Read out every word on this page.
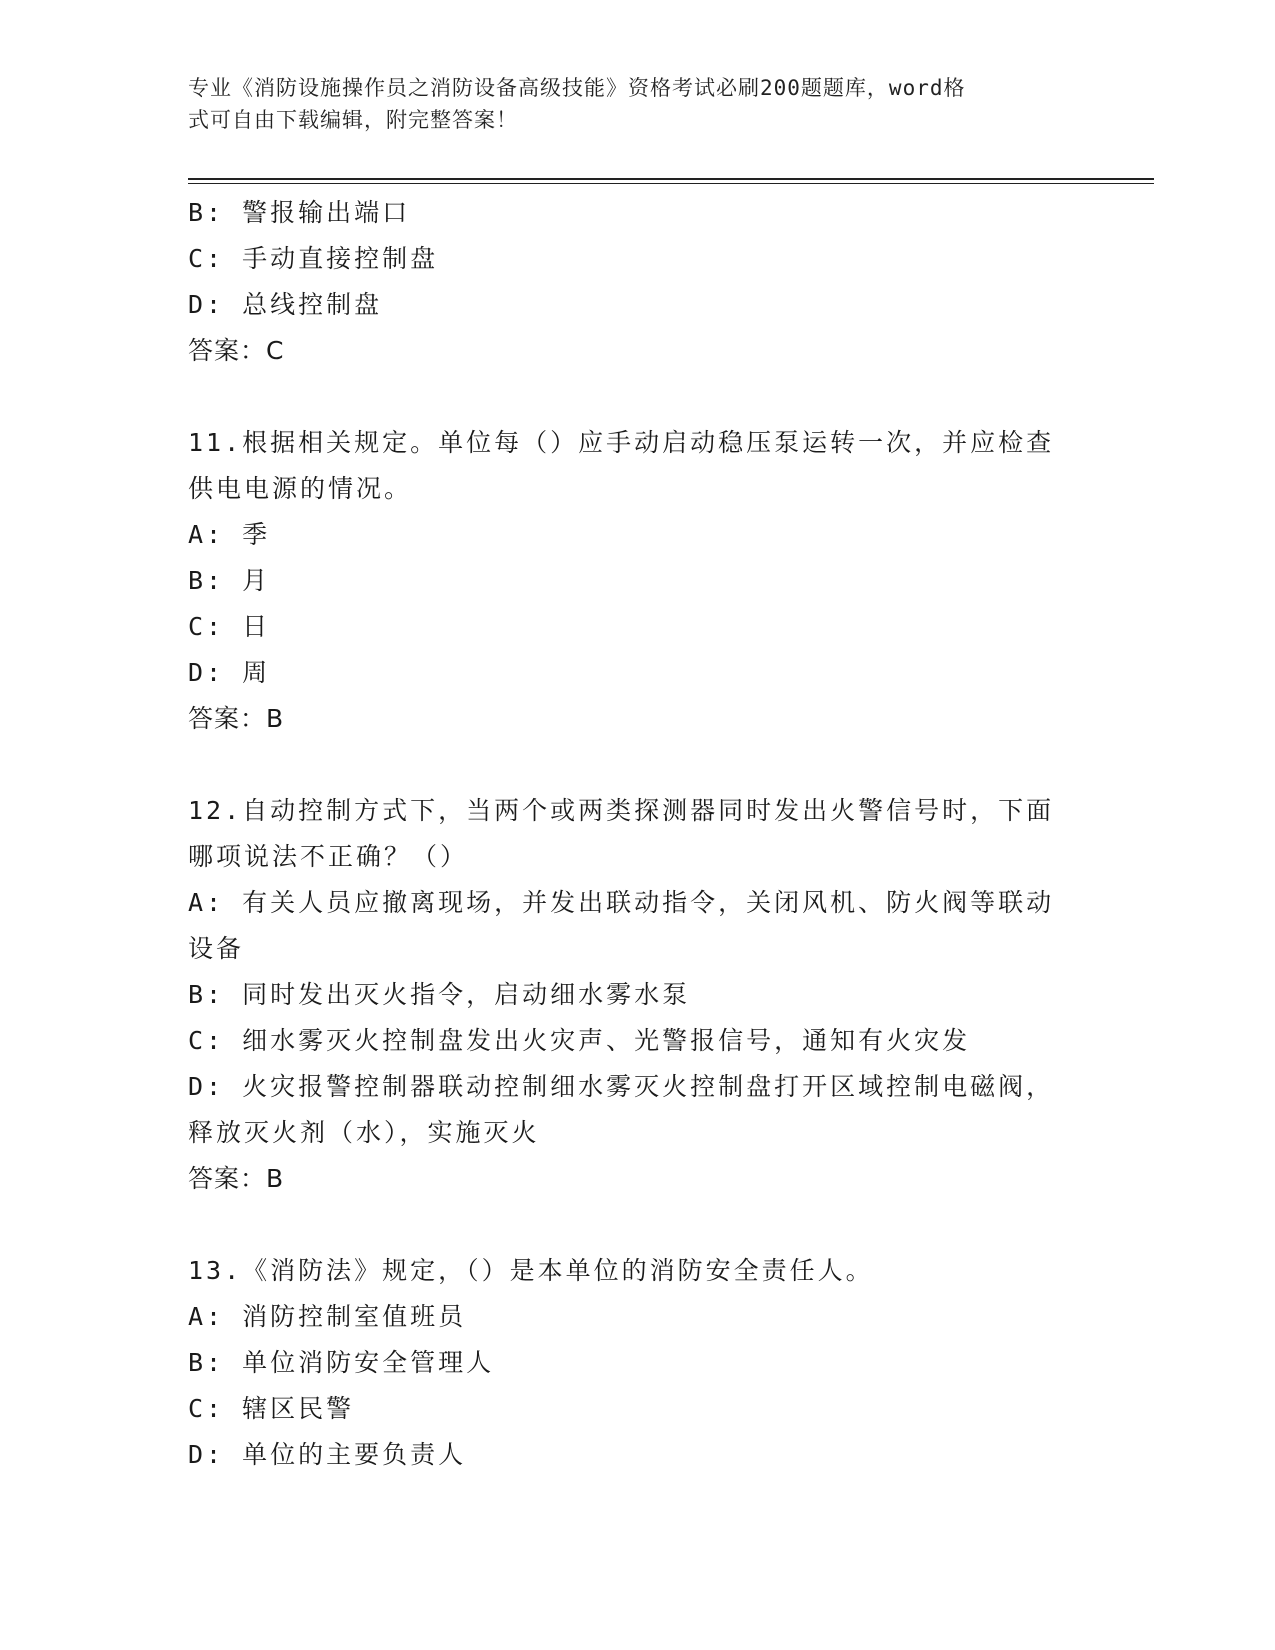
专业《消防设施操作员之消防设备高级技能》资格考试必刷200题题库，word格
式可自由下载编辑，附完整答案！
B: 警报输出端口
C: 手动直接控制盘
D: 总线控制盘
答案：C
11.根据相关规定。单位每（）应手动启动稳压泵运转一次，并应检查
供电电源的情况。
A: 季
B: 月
C: 日
D: 周
答案：B
12.自动控制方式下，当两个或两类探测器同时发出火警信号时，下面
哪项说法不正确？（）
A: 有关人员应撤离现场，并发出联动指令，关闭风机、防火阀等联动
设备
B: 同时发出灭火指令，启动细水雾水泵
C: 细水雾灭火控制盘发出火灾声、光警报信号，通知有火灾发
D: 火灾报警控制器联动控制细水雾灭火控制盘打开区域控制电磁阀，
释放灭火剂（水），实施灭火
答案：B
13.《消防法》规定，（）是本单位的消防安全责任人。
A: 消防控制室值班员
B: 单位消防安全管理人
C: 辖区民警
D: 单位的主要负责人
